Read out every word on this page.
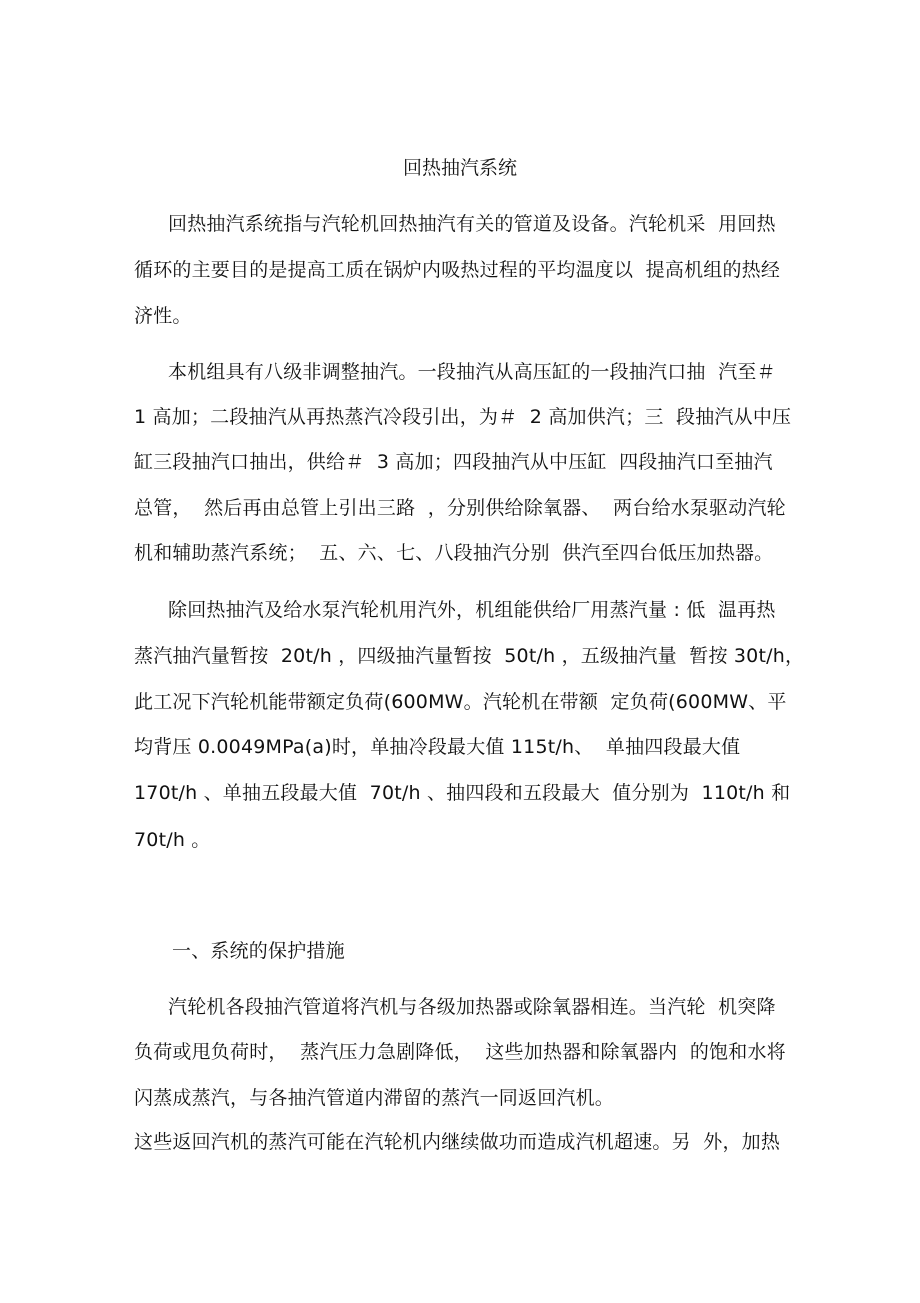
回热抽汽系统
回热抽汽系统指与汽轮机回热抽汽有关的管道及设备。汽轮机采  用回热
循环的主要目的是提高工质在锅炉内吸热过程的平均温度以  提高机组的热经
济性。
本机组具有八级非调整抽汽。一段抽汽从高压缸的一段抽汽口抽  汽至＃
1 高加；二段抽汽从再热蒸汽冷段引出，为＃  2 高加供汽；三  段抽汽从中压
缸三段抽汽口抽出，供给＃  3 高加；四段抽汽从中压缸  四段抽汽口至抽汽
总管，  然后再由总管上引出三路  ，分别供给除氧器、  两台给水泵驱动汽轮
机和辅助蒸汽系统；  五、六、七、八段抽汽分别  供汽至四台低压加热器。
除回热抽汽及给水泵汽轮机用汽外，机组能供给厂用蒸汽量 : 低  温再热
蒸汽抽汽量暂按  20t/h ，四级抽汽量暂按  50t/h ，五级抽汽量  暂按 30t/h，
此工况下汽轮机能带额定负荷(600MW。汽轮机在带额  定负荷(600MW、平
均背压 0.0049MPa(a)时，单抽冷段最大值 115t/h、  单抽四段最大值
170t/h 、单抽五段最大值  70t/h 、抽四段和五段最大  值分别为  110t/h 和
70t/h 。
一、系统的保护措施
汽轮机各段抽汽管道将汽机与各级加热器或除氧器相连。当汽轮  机突降
负荷或甩负荷时，  蒸汽压力急剧降低，  这些加热器和除氧器内  的饱和水将
闪蒸成蒸汽，与各抽汽管道内滞留的蒸汽一同返回汽机。
这些返回汽机的蒸汽可能在汽轮机内继续做功而造成汽机超速。另  外，加热
